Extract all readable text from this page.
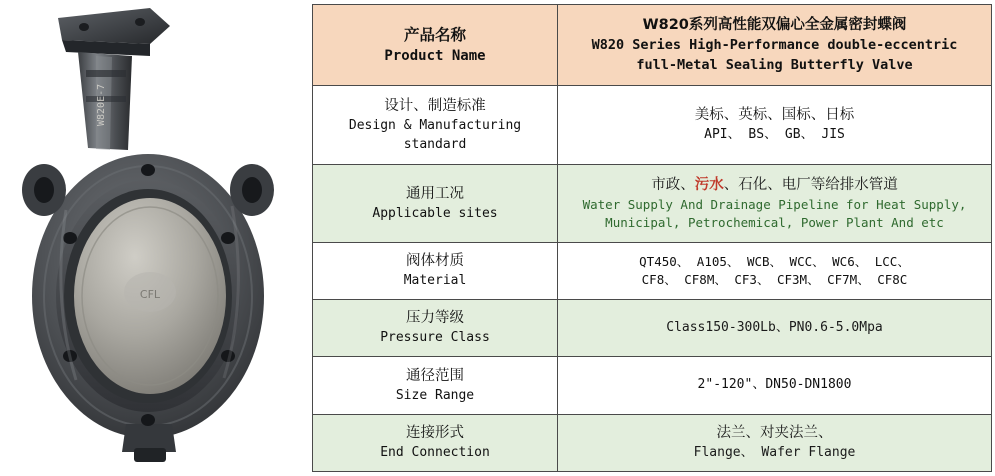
W820E-7
CFL
产品名称
Product Name	W820系列高性能双偏心全金属密封蝶阀
W820 Series High-Performance double-eccentric
full-Metal Sealing Butterfly Valve

设计、制造标准
Design & Manufacturing
standard	美标、英标、国标、日标
API、 BS、 GB、 JIS

通用工况
Applicable sites	市政、污水、石化、电厂等给排水管道
Water Supply And Drainage Pipeline for Heat Supply,
Municipal, Petrochemical, Power Plant And etc

阀体材质
Material	QT450、 A105、 WCB、 WCC、 WC6、 LCC、
CF8、 CF8M、 CF3、 CF3M、 CF7M、 CF8C

压力等级
Pressure Class	Class150-300Lb、PN0.6-5.0Mpa

通径范围
Size Range	2"-120"、DN50-DN1800

连接形式
End Connection	法兰、对夹法兰、
Flange、 Wafer Flange
